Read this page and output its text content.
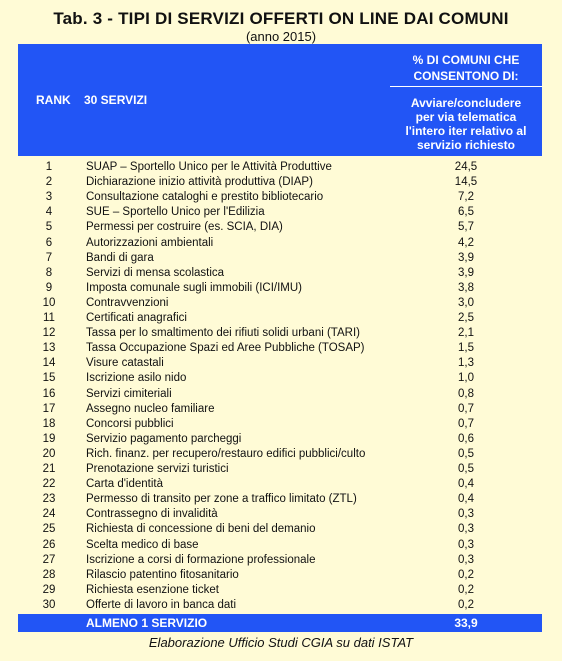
Tab. 3 - TIPI DI SERVIZI OFFERTI ON LINE DAI COMUNI
(anno 2015)
RANK 30 SERVIZI
% DI COMUNI CHE
CONSENTONO DI:
Avviare/concludere
per via telematica
l'intero iter relativo al
servizio richiesto
1	SUAP – Sportello Unico per le Attività Produttive	24,5
2	Dichiarazione inizio attività produttiva (DIAP)	14,5
3	Consultazione cataloghi e prestito bibliotecario	7,2
4	SUE – Sportello Unico per l'Edilizia	6,5
5	Permessi per costruire (es. SCIA, DIA)	5,7
6	Autorizzazioni ambientali	4,2
7	Bandi di gara	3,9
8	Servizi di mensa scolastica	3,9
9	Imposta comunale sugli immobili (ICI/IMU)	3,8
10	Contravvenzioni	3,0
11	Certificati anagrafici	2,5
12	Tassa per lo smaltimento dei rifiuti solidi urbani (TARI)	2,1
13	Tassa Occupazione Spazi ed Aree Pubbliche (TOSAP)	1,5
14	Visure catastali	1,3
15	Iscrizione asilo nido	1,0
16	Servizi cimiteriali	0,8
17	Assegno nucleo familiare	0,7
18	Concorsi pubblici	0,7
19	Servizio pagamento parcheggi	0,6
20	Rich. finanz. per recupero/restauro edifici pubblici/culto	0,5
21	Prenotazione servizi turistici	0,5
22	Carta d'identità	0,4
23	Permesso di transito per zone a traffico limitato (ZTL)	0,4
24	Contrassegno di invalidità	0,3
25	Richiesta di concessione di beni del demanio	0,3
26	Scelta medico di base	0,3
27	Iscrizione a corsi di formazione professionale	0,3
28	Rilascio patentino fitosanitario	0,2
29	Richiesta esenzione ticket	0,2
30	Offerte di lavoro in banca dati	0,2
ALMENO 1 SERVIZIO	33,9
Elaborazione Ufficio Studi CGIA su dati ISTAT
